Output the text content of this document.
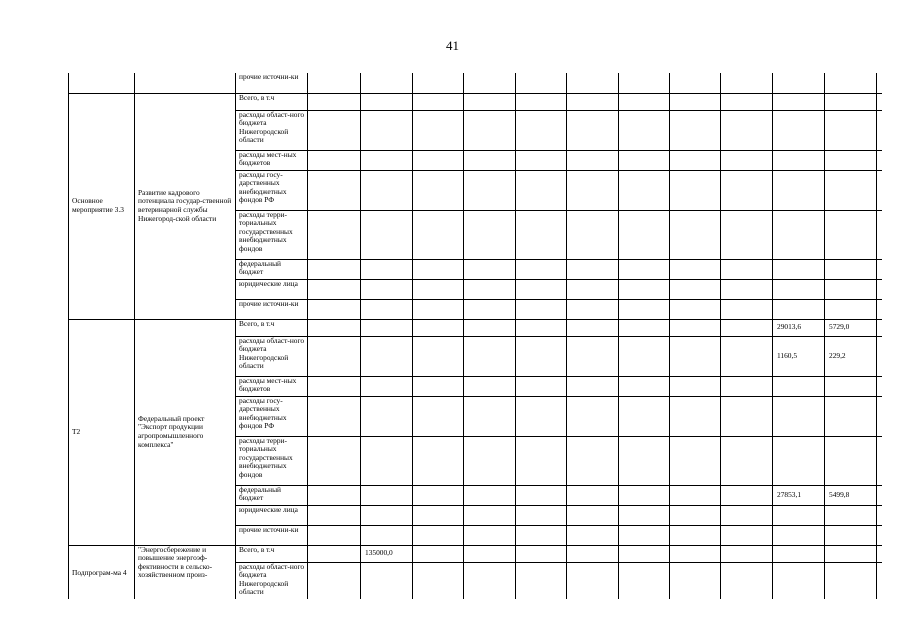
41
		прочие источни-ки												
Основное мероприятие 3.3	Развитие кадрового потенциала государ-ственной ветеринарной службы Нижегород-ской области	Всего, в т.ч												
		расходы област-ного бюджета Нижегородской области												
		расходы мест-ных бюджетов												
		расходы госу-дарственных внебюджетных фондов РФ												
		расходы терри-ториальных государственных внебюджетных фондов												
		федеральный бюджет												
		юридические лица												
		прочие источни-ки												
Т2	Федеральный проект "Экспорт продукции агропромышленного комплекса"	Всего, в т.ч										29013,6	5729,0	
		расходы област-ного бюджета Нижегородской области										1160,5	229,2	
		расходы мест-ных бюджетов												
		расходы госу-дарственных внебюджетных фондов РФ												
		расходы терри-ториальных государственных внебюджетных фондов												
		федеральный бюджет										27853,1	5499,8	
		юридические лица												
		прочие источни-ки												
Подпрограм-ма 4	"Энергосбережение и повышение энергоэф-фективности в сельско-хозяйственном произ-	Всего, в т.ч		135000,0										
		расходы област-ного бюджета Нижегородской области												
